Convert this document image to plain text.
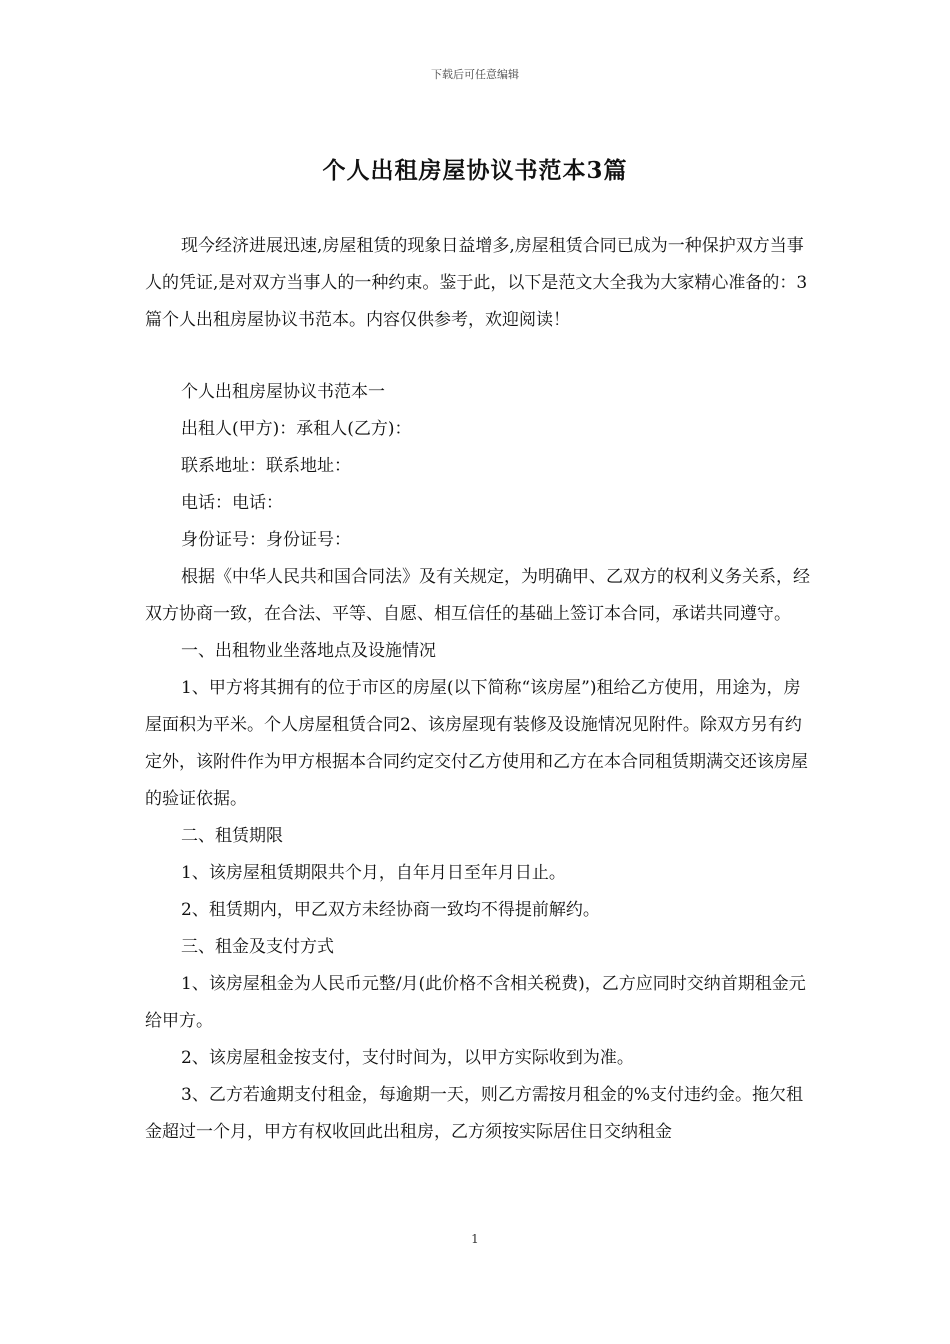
下载后可任意编辑
个人出租房屋协议书范本3篇

现今经济进展迅速,房屋租赁的现象日益增多,房屋租赁合同已成为一种保护双方当事人的凭证,是对双方当事人的一种约束。鉴于此，以下是范文大全我为大家精心准备的：3篇个人出租房屋协议书范本。内容仅供参考，欢迎阅读！

个人出租房屋协议书范本一

出租人(甲方)：承租人(乙方)：

联系地址：联系地址：

电话：电话：

身份证号：身份证号：

根据《中华人民共和国合同法》及有关规定，为明确甲、乙双方的权利义务关系，经双方协商一致，在合法、平等、自愿、相互信任的基础上签订本合同，承诺共同遵守。

一、出租物业坐落地点及设施情况

1、甲方将其拥有的位于市区的房屋(以下简称“该房屋”)租给乙方使用，用途为，房屋面积为平米。个人房屋租赁合同2、该房屋现有装修及设施情况见附件。除双方另有约定外，该附件作为甲方根据本合同约定交付乙方使用和乙方在本合同租赁期满交还该房屋的验证依据。

二、租赁期限

1、该房屋租赁期限共个月，自年月日至年月日止。

2、租赁期内，甲乙双方未经协商一致均不得提前解约。

三、租金及支付方式

1、该房屋租金为人民币元整/月(此价格不含相关税费)，乙方应同时交纳首期租金元给甲方。

2、该房屋租金按支付，支付时间为，以甲方实际收到为准。

3、乙方若逾期支付租金，每逾期一天，则乙方需按月租金的%支付违约金。拖欠租金超过一个月，甲方有权收回此出租房，乙方须按实际居住日交纳租金

1
